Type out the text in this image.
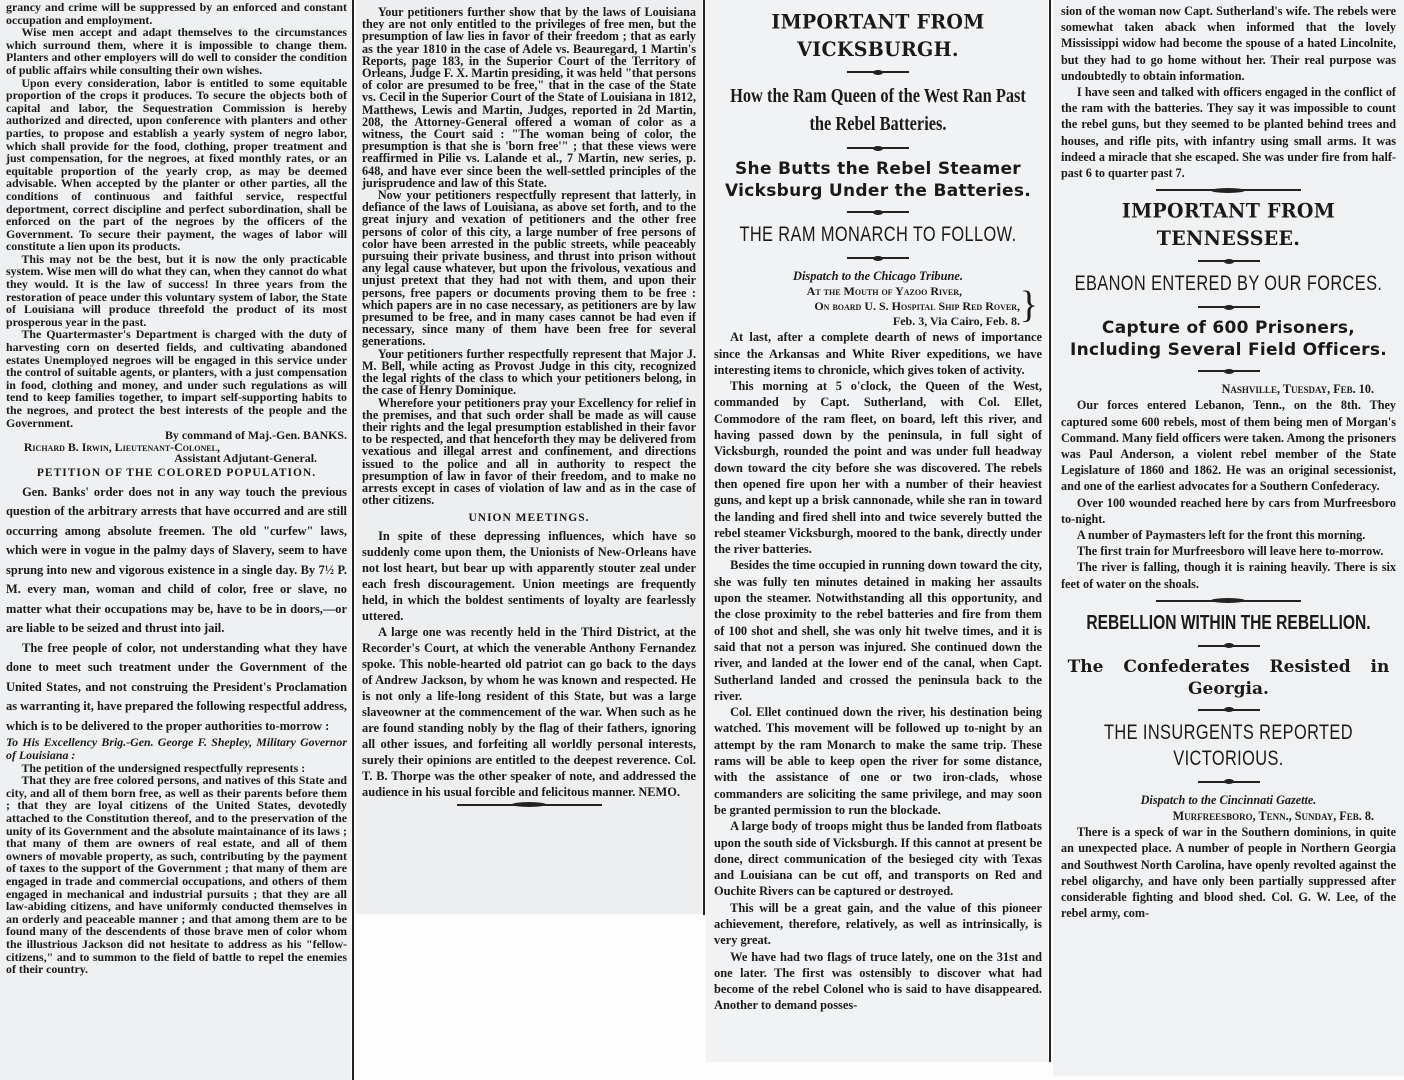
grancy and crime will be suppressed by an enforced and constant occupation and employment.

Wise men accept and adapt themselves to the circumstances which surround them, where it is impossible to change them. Planters and other employers will do well to consider the condition of public affairs while consulting their own wishes.

Upon every consideration, labor is entitled to some equitable proportion of the crops it produces. To secure the objects both of capital and labor, the Sequestration Commission is hereby authorized and directed, upon conference with planters and other parties, to propose and establish a yearly system of negro labor, which shall provide for the food, clothing, proper treatment and just compensation, for the negroes, at fixed monthly rates, or an equitable proportion of the yearly crop, as may be deemed advisable. When accepted by the planter or other parties, all the conditions of continuous and faithful service, respectful deportment, correct discipline and perfect subordination, shall be enforced on the part of the negroes by the officers of the Government. To secure their payment, the wages of labor will constitute a lien upon its products.

This may not be the best, but it is now the only practicable system. Wise men will do what they can, when they cannot do what they would. It is the law of success! In three years from the restoration of peace under this voluntary system of labor, the State of Louisiana will produce threefold the product of its most prosperous year in the past.

The Quartermaster's Department is charged with the duty of harvesting corn on deserted fields, and cultivating abandoned estates Unemployed negroes will be engaged in this service under the control of suitable agents, or planters, with a just compensation in food, clothing and money, and under such regulations as will tend to keep families together, to impart self-supporting habits to the negroes, and protect the best interests of the people and the Government.

By command of Maj.-Gen. BANKS.

Richard B. Irwin, Lieutenant-Colonel,
Assistant Adjutant-General.

PETITION OF THE COLORED POPULATION.

Gen. Banks' order does not in any way touch the previous question of the arbitrary arrests that have occurred and are still occurring among absolute freemen. The old "curfew" laws, which were in vogue in the palmy days of Slavery, seem to have sprung into new and vigorous existence in a single day. By 7½ P. M. every man, woman and child of color, free or slave, no matter what their occupations may be, have to be in doors,—or are liable to be seized and thrust into jail.

The free people of color, not understanding what they have done to meet such treatment under the Government of the United States, and not construing the President's Proclamation as warranting it, have prepared the following respectful address, which is to be delivered to the proper authorities to-morrow :

To His Excellency Brig.-Gen. George F. Shepley, Military Governor of Louisiana :

The petition of the undersigned respectfully represents :

That they are free colored persons, and natives of this State and city, and all of them born free, as well as their parents before them ; that they are loyal citizens of the United States, devotedly attached to the Constitution thereof, and to the preservation of the unity of its Government and the absolute maintainance of its laws ; that many of them are owners of real estate, and all of them owners of movable property, as such, contributing by the payment of taxes to the support of the Government ; that many of them are engaged in trade and commercial occupations, and others of them engaged in mechanical and industrial pursuits ; that they are all law-abiding citizens, and have uniformly conducted themselves in an orderly and peaceable manner ; and that among them are to be found many of the descendents of those brave men of color whom the illustrious Jackson did not hesitate to address as his "fellow-citizens," and to summon to the field of battle to repel the enemies of their country.

Your petitioners further show that by the laws of Louisiana they are not only entitled to the privileges of free men, but the presumption of law lies in favor of their freedom ; that as early as the year 1810 in the case of Adele vs. Beauregard, 1 Martin's Reports, page 183, in the Superior Court of the Territory of Orleans, Judge F. X. Martin presiding, it was held "that persons of color are presumed to be free," that in the case of the State vs. Cecil in the Superior Court of the State of Louisiana in 1812, Matthews, Lewis and Martin, Judges, reported in 2d Martin, 208, the Attorney-General offered a woman of color as a witness, the Court said : "The woman being of color, the presumption is that she is 'born free'" ; that these views were reaffirmed in Pilie vs. Lalande et al., 7 Martin, new series, p. 648, and have ever since been the well-settled principles of the jurisprudence and law of this State.

Now your petitioners respectfully represent that latterly, in defiance of the laws of Louisiana, as above set forth, and to the great injury and vexation of petitioners and the other free persons of color of this city, a large number of free persons of color have been arrested in the public streets, while peaceably pursuing their private business, and thrust into prison without any legal cause whatever, but upon the frivolous, vexatious and unjust pretext that they had not with them, and upon their persons, free papers or documents proving them to be free : which papers are in no case necessary, as petitioners are by law presumed to be free, and in many cases cannot be had even if necessary, since many of them have been free for several generations.

Your petitioners further respectfully represent that Major J. M. Bell, while acting as Provost Judge in this city, recognized the legal rights of the class to which your petitioners belong, in the case of Henry Dominique.

Wherefore your petitioners pray your Excellency for relief in the premises, and that such order shall be made as will cause their rights and the legal presumption established in their favor to be respected, and that henceforth they may be delivered from vexatious and illegal arrest and confinement, and directions issued to the police and all in authority to respect the presumption of law in favor of their freedom, and to make no arrests except in cases of violation of law and as in the case of other citizens.

UNION MEETINGS.

In spite of these depressing influences, which have so suddenly come upon them, the Unionists of New-Orleans have not lost heart, but bear up with apparently stouter zeal under each fresh discouragement. Union meetings are frequently held, in which the boldest sentiments of loyalty are fearlessly uttered.

A large one was recently held in the Third District, at the Recorder's Court, at which the venerable Anthony Fernandez spoke. This noble-hearted old patriot can go back to the days of Andrew Jackson, by whom he was known and respected. He is not only a life-long resident of this State, but was a large slaveowner at the commencement of the war. When such as he are found standing nobly by the flag of their fathers, ignoring all other issues, and forfeiting all worldly personal interests, surely their opinions are entitled to the deepest reverence. Col. T. B. Thorpe was the other speaker of note, and addressed the audience in his usual forcible and felicitous manner. NEMO.

IMPORTANT FROM VICKSBURGH.
How the Ram Queen of the West Ran Past the Rebel Batteries.
She Butts the Rebel Steamer Vicksburg Under the Batteries.
THE RAM MONARCH TO FOLLOW.

Dispatch to the Chicago Tribune.

At the Mouth of Yazoo River,
On board U. S. Hospital Ship Red Rover,
Feb. 3, Via Cairo, Feb. 8. }

At last, after a complete dearth of news of importance since the Arkansas and White River expeditions, we have interesting items to chronicle, which gives token of activity.

This morning at 5 o'clock, the Queen of the West, commanded by Capt. Sutherland, with Col. Ellet, Commodore of the ram fleet, on board, left this river, and having passed down by the peninsula, in full sight of Vicksburgh, rounded the point and was under full headway down toward the city before she was discovered. The rebels then opened fire upon her with a number of their heaviest guns, and kept up a brisk cannonade, while she ran in toward the landing and fired shell into and twice severely butted the rebel steamer Vicksburgh, moored to the bank, directly under the river batteries.

Besides the time occupied in running down toward the city, she was fully ten minutes detained in making her assaults upon the steamer. Notwithstanding all this opportunity, and the close proximity to the rebel batteries and fire from them of 100 shot and shell, she was only hit twelve times, and it is said that not a person was injured. She continued down the river, and landed at the lower end of the canal, when Capt. Sutherland landed and crossed the peninsula back to the river.

Col. Ellet continued down the river, his destination being watched. This movement will be followed up to-night by an attempt by the ram Monarch to make the same trip. These rams will be able to keep open the river for some distance, with the assistance of one or two iron-clads, whose commanders are soliciting the same privilege, and may soon be granted permission to run the blockade.

A large body of troops might thus be landed from flatboats upon the south side of Vicksburgh. If this cannot at present be done, direct communication of the besieged city with Texas and Louisiana can be cut off, and transports on Red and Ouchite Rivers can be captured or destroyed.

This will be a great gain, and the value of this pioneer achievement, therefore, relatively, as well as intrinsically, is very great.

We have had two flags of truce lately, one on the 31st and one later. The first was ostensibly to discover what had become of the rebel Colonel who is said to have disappeared. Another to demand posses-

sion of the woman now Capt. Sutherland's wife. The rebels were somewhat taken aback when informed that the lovely Mississippi widow had become the spouse of a hated Lincolnite, but they had to go home without her. Their real purpose was undoubtedly to obtain information.

I have seen and talked with officers engaged in the conflict of the ram with the batteries. They say it was impossible to count the rebel guns, but they seemed to be planted behind trees and houses, and rifle pits, with infantry using small arms. It was indeed a miracle that she escaped. She was under fire from half-past 6 to quarter past 7.

IMPORTANT FROM TENNESSEE.
EBANON ENTERED BY OUR FORCES.
Capture of 600 Prisoners, Including Several Field Officers.

Nashville, Tuesday, Feb. 10.

Our forces entered Lebanon, Tenn., on the 8th. They captured some 600 rebels, most of them being men of Morgan's Command. Many field officers were taken. Among the prisoners was Paul Anderson, a violent rebel member of the State Legislature of 1860 and 1862. He was an original secessionist, and one of the earliest advocates for a Southern Confederacy.

Over 100 wounded reached here by cars from Murfreesboro to-night.

A number of Paymasters left for the front this morning.

The first train for Murfreesboro will leave here to-morrow.

The river is falling, though it is raining heavily. There is six feet of water on the shoals.

REBELLION WITHIN THE REBELLION.
The Confederates Resisted in Georgia.
THE INSURGENTS REPORTED VICTORIOUS.

Dispatch to the Cincinnati Gazette.

Murfreesboro, Tenn., Sunday, Feb. 8.

There is a speck of war in the Southern dominions, in quite an unexpected place. A number of people in Northern Georgia and Southwest North Carolina, have openly revolted against the rebel oligarchy, and have only been partially suppressed after considerable fighting and blood shed. Col. G. W. Lee, of the rebel army, com-
